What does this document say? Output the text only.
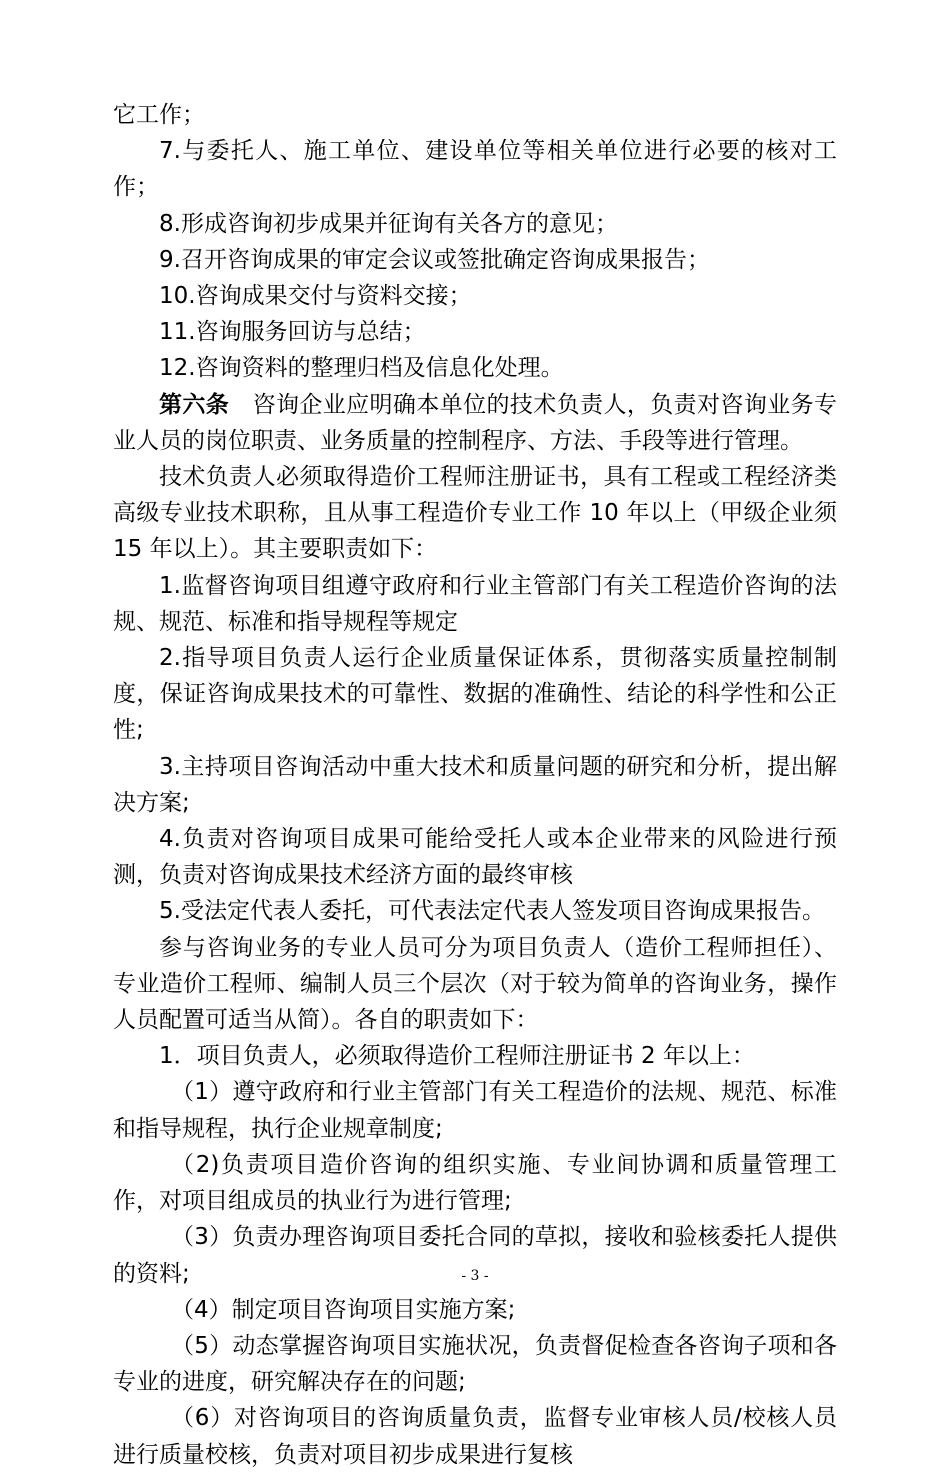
它工作；

7.与委托人、施工单位、建设单位等相关单位进行必要的核对工作；

8.形成咨询初步成果并征询有关各方的意见；

9.召开咨询成果的审定会议或签批确定咨询成果报告；

10.咨询成果交付与资料交接；

11.咨询服务回访与总结；

12.咨询资料的整理归档及信息化处理。

第六条　咨询企业应明确本单位的技术负责人，负责对咨询业务专业人员的岗位职责、业务质量的控制程序、方法、手段等进行管理。

技术负责人必须取得造价工程师注册证书，具有工程或工程经济类高级专业技术职称，且从事工程造价专业工作 10 年以上（甲级企业须 15 年以上）。其主要职责如下：

1.监督咨询项目组遵守政府和行业主管部门有关工程造价咨询的法规、规范、标准和指导规程等规定

2.指导项目负责人运行企业质量保证体系，贯彻落实质量控制制度，保证咨询成果技术的可靠性、数据的准确性、结论的科学性和公正性;

3.主持项目咨询活动中重大技术和质量问题的研究和分析，提出解决方案;

4.负责对咨询项目成果可能给受托人或本企业带来的风险进行预测，负责对咨询成果技术经济方面的最终审核

5.受法定代表人委托，可代表法定代表人签发项目咨询成果报告。

参与咨询业务的专业人员可分为项目负责人（造价工程师担任）、专业造价工程师、编制人员三个层次（对于较为简单的咨询业务，操作人员配置可适当从简）。各自的职责如下：

1．项目负责人，必须取得造价工程师注册证书 2 年以上：

（1）遵守政府和行业主管部门有关工程造价的法规、规范、标准和指导规程，执行企业规章制度;

（2)负责项目造价咨询的组织实施、专业间协调和质量管理工作，对项目组成员的执业行为进行管理;

（3）负责办理咨询项目委托合同的草拟，接收和验核委托人提供的资料;

（4）制定项目咨询项目实施方案;

（5）动态掌握咨询项目实施状况，负责督促检查各咨询子项和各专业的进度，研究解决存在的问题;

（6）对咨询项目的咨询质量负责，监督专业审核人员/校核人员进行质量校核，负责对项目初步成果进行复核

- 3 -
